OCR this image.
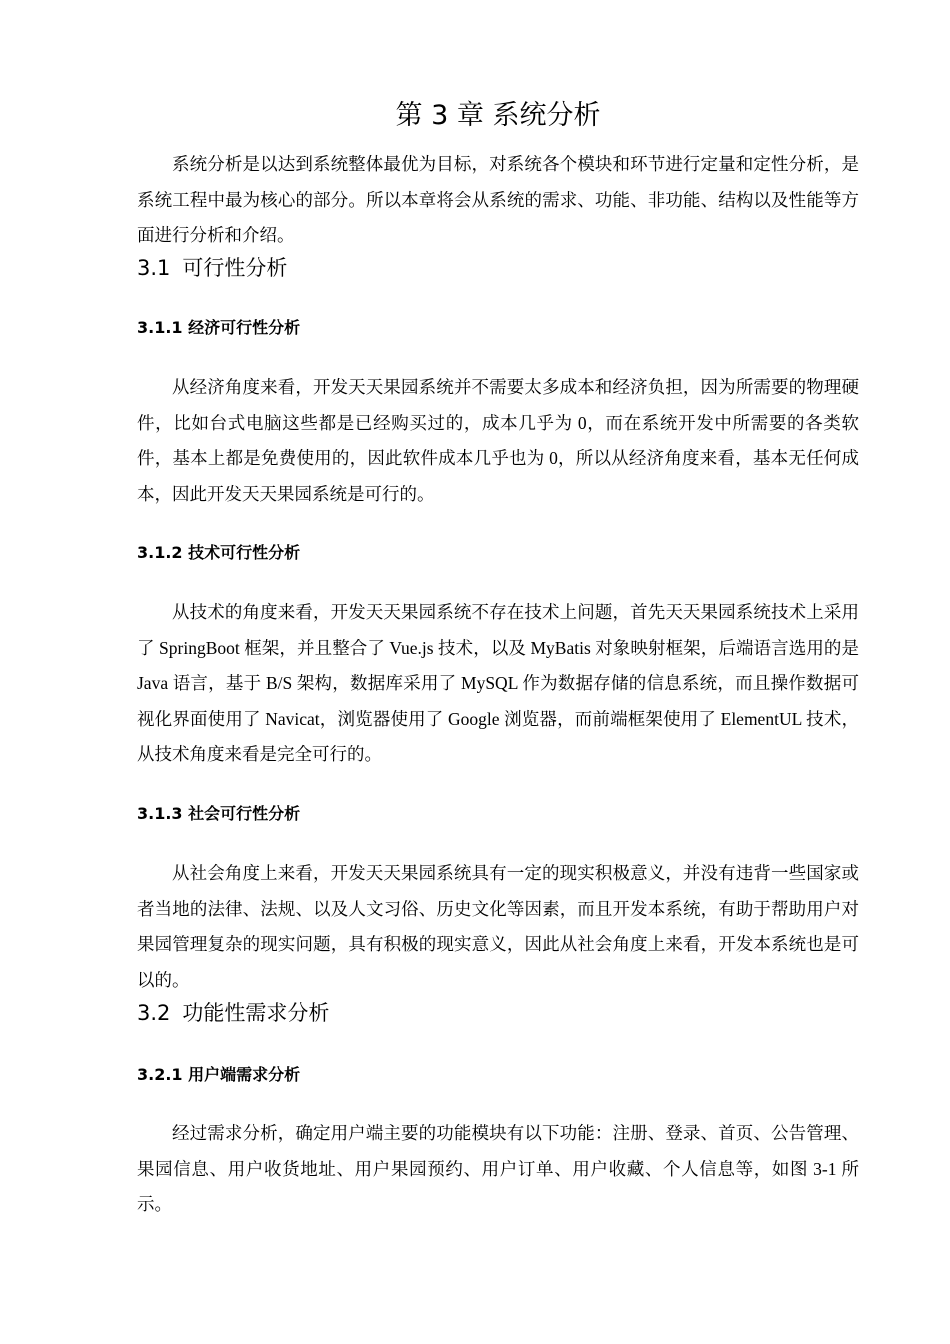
第 3 章 系统分析

系统分析是以达到系统整体最优为目标，对系统各个模块和环节进行定量和定性分析，是系统工程中最为核心的部分。所以本章将会从系统的需求、功能、非功能、结构以及性能等方面进行分析和介绍。

3.1 可行性分析
3.1.1 经济可行性分析

从经济角度来看，开发天天果园系统并不需要太多成本和经济负担，因为所需要的物理硬件，比如台式电脑这些都是已经购买过的，成本几乎为 0，而在系统开发中所需要的各类软件，基本上都是免费使用的，因此软件成本几乎也为 0，所以从经济角度来看，基本无任何成本，因此开发天天果园系统是可行的。

3.1.2 技术可行性分析

从技术的角度来看，开发天天果园系统不存在技术上问题，首先天天果园系统技术上采用了 SpringBoot 框架，并且整合了 Vue.js 技术，以及 MyBatis 对象映射框架，后端语言选用的是 Java 语言，基于 B/S 架构，数据库采用了 MySQL 作为数据存储的信息系统，而且操作数据可视化界面使用了 Navicat，浏览器使用了 Google 浏览器，而前端框架使用了 ElementUL 技术，从技术角度来看是完全可行的。

3.1.3 社会可行性分析

从社会角度上来看，开发天天果园系统具有一定的现实积极意义，并没有违背一些国家或者当地的法律、法规、以及人文习俗、历史文化等因素，而且开发本系统，有助于帮助用户对果园管理复杂的现实问题，具有积极的现实意义，因此从社会角度上来看，开发本系统也是可以的。

3.2 功能性需求分析
3.2.1 用户端需求分析

经过需求分析，确定用户端主要的功能模块有以下功能：注册、登录、首页、公告管理、果园信息、用户收货地址、用户果园预约、用户订单、用户收藏、个人信息等，如图 3-1 所示。
